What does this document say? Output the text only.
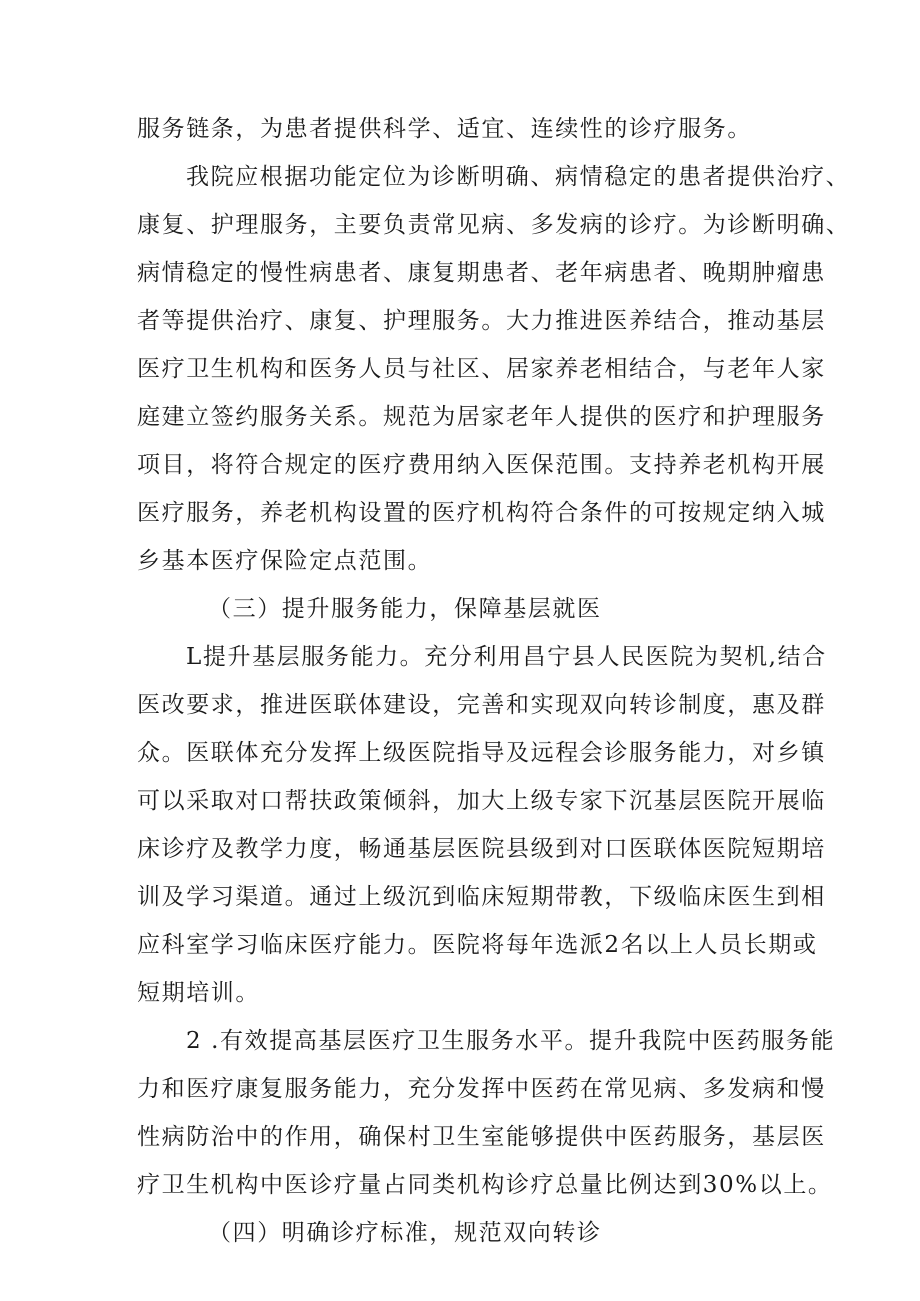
服务链条，为患者提供科学、适宜、连续性的诊疗服务。
我院应根据功能定位为诊断明确、病情稳定的患者提供治疗、
康复、护理服务，主要负责常见病、多发病的诊疗。为诊断明确、
病情稳定的慢性病患者、康复期患者、老年病患者、晚期肿瘤患
者等提供治疗、康复、护理服务。大力推进医养结合，推动基层
医疗卫生机构和医务人员与社区、居家养老相结合，与老年人家
庭建立签约服务关系。规范为居家老年人提供的医疗和护理服务
项目，将符合规定的医疗费用纳入医保范围。支持养老机构开展
医疗服务，养老机构设置的医疗机构符合条件的可按规定纳入城
乡基本医疗保险定点范围。
（三）提升服务能力，保障基层就医
L提升基层服务能力。充分利用昌宁县人民医院为契机,结合
医改要求，推进医联体建设，完善和实现双向转诊制度，惠及群
众。医联体充分发挥上级医院指导及远程会诊服务能力，对乡镇
可以采取对口帮扶政策倾斜，加大上级专家下沉基层医院开展临
床诊疗及教学力度，畅通基层医院县级到对口医联体医院短期培
训及学习渠道。通过上级沉到临床短期带教，下级临床医生到相
应科室学习临床医疗能力。医院将每年选派2名以上人员长期或
短期培训。
2 .有效提高基层医疗卫生服务水平。提升我院中医药服务能
力和医疗康复服务能力，充分发挥中医药在常见病、多发病和慢
性病防治中的作用，确保村卫生室能够提供中医药服务，基层医
疗卫生机构中医诊疗量占同类机构诊疗总量比例达到30%以上。
（四）明确诊疗标准，规范双向转诊
